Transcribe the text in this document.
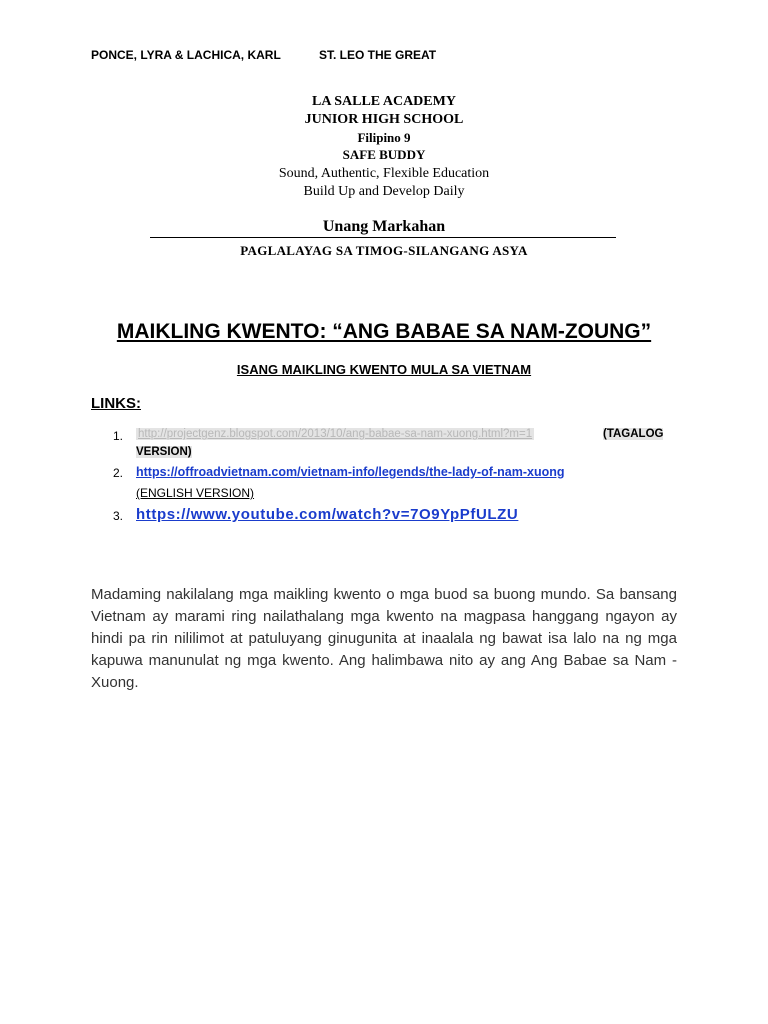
PONCE, LYRA & LACHICA, KARL	ST. LEO THE GREAT
LA SALLE ACADEMY
JUNIOR HIGH SCHOOL
Filipino 9
SAFE BUDDY
Sound, Authentic, Flexible Education
Build Up and Develop Daily
Unang Markahan
PAGLALAYAG SA TIMOG-SILANGANG ASYA
MAIKLING KWENTO: “ANG BABAE SA NAM-ZOUNG”
ISANG MAIKLING KWENTO MULA SA VIETNAM
LINKS:
1. http://projectgenz.blogspot.com/2013/10/ang-babae-sa-nam-xuong.html?m=1	(TAGALOG
VERSION)
2. https://offroadvietnam.com/vietnam-info/legends/the-lady-of-nam-xuong
(ENGLISH VERSION)
3. https://www.youtube.com/watch?v=7O9YpPfULZU

Madaming nakilalang mga maikling kwento o mga buod sa buong mundo. Sa bansang Vietnam ay marami ring nailathalang mga kwento na magpasa hanggang ngayon ay hindi pa rin nililimot at patuluyang ginugunita at inaalala ng bawat isa lalo na ng mga kapuwa manunulat ng mga kwento. Ang halimbawa nito ay ang Ang Babae sa Nam - Xuong.
